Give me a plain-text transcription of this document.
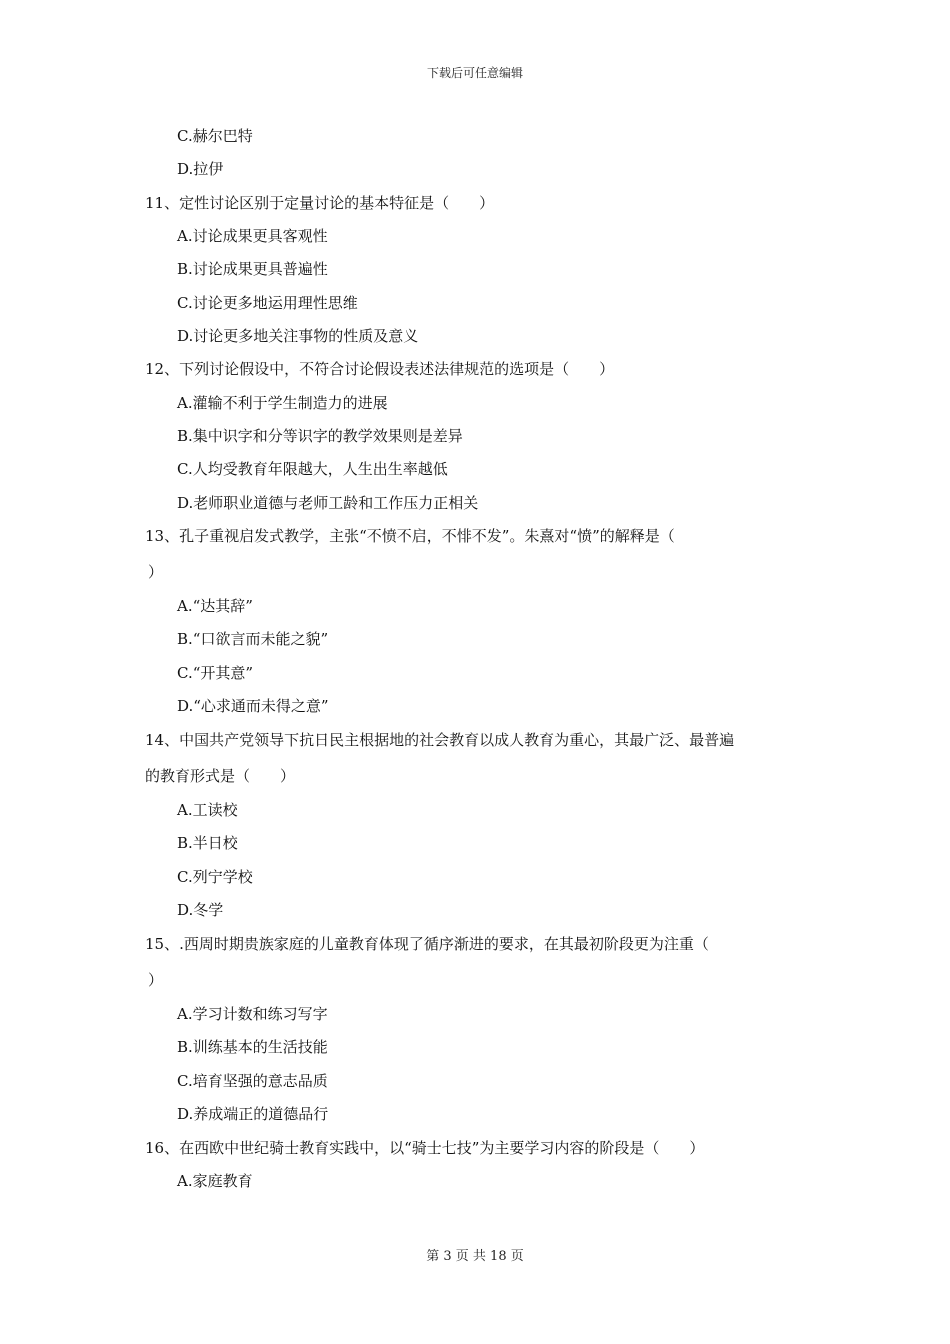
下载后可任意编辑
C.赫尔巴特
D.拉伊
11、定性讨论区别于定量讨论的基本特征是（　　）
A.讨论成果更具客观性
B.讨论成果更具普遍性
C.讨论更多地运用理性思维
D.讨论更多地关注事物的性质及意义
12、下列讨论假设中，不符合讨论假设表述法律规范的选项是（　　）
A.灌输不利于学生制造力的进展
B.集中识字和分等识字的教学效果则是差异
C.人均受教育年限越大，人生出生率越低
D.老师职业道德与老师工龄和工作压力正相关
13、孔子重视启发式教学，主张“不愤不启，不悱不发”。朱熹对“愤”的解释是（
）
A.“达其辞”
B.“口欲言而未能之貌”
C.“开其意”
D.“心求通而未得之意”
14、中国共产党领导下抗日民主根据地的社会教育以成人教育为重心，其最广泛、最普遍
的教育形式是（　　）
A.工读校
B.半日校
C.列宁学校
D.冬学
15、.西周时期贵族家庭的儿童教育体现了循序渐进的要求，在其最初阶段更为注重（
）
A.学习计数和练习写字
B.训练基本的生活技能
C.培育坚强的意志品质
D.养成端正的道德品行
16、在西欧中世纪骑士教育实践中，以“骑士七技”为主要学习内容的阶段是（　　）
A.家庭教育
第 3 页 共 18 页
